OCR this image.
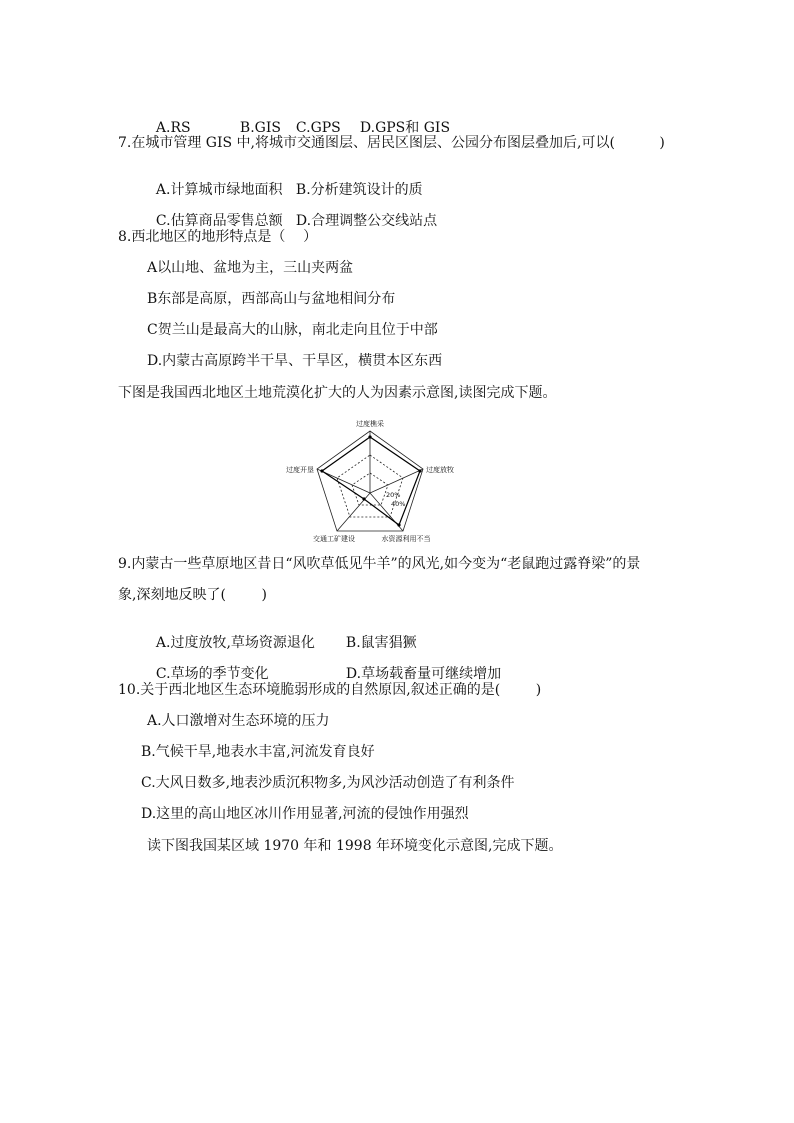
A.RS	B.GIS C.GPS D.GPS和 GIS

7.在城市管理 GIS 中,将城市交通图层、居民区图层、公园分布图层叠加后,可以(          )

A.计算城市绿地面积 B.分析建筑设计的质

C.估算商品零售总额 D.合理调整公交线站点

8.西北地区的地形特点是（    ）
A以山地、盆地为主，三山夹两盆
B东部是高原，西部高山与盆地相间分布
C贺兰山是最高大的山脉，南北走向且位于中部
D.内蒙古高原跨半干旱、干旱区，横贯本区东西
下图是我国西北地区土地荒漠化扩大的人为因素示意图,读图完成下题。
过度樵采
过度放牧
水资源利用不当
交通工矿建设
过度开垦
20%
40%
9.内蒙古一些草原地区昔日“风吹草低见牛羊”的风光,如今变为“老鼠跑过露脊梁”的景
象,深刻地反映了(        )

A.过度放牧,草场资源退化 B.鼠害猖獗

C.草场的季节变化	D.草场载畜量可继续增加

10.关于西北地区生态环境脆弱形成的自然原因,叙述正确的是(        )
A.人口激增对生态环境的压力
B.气候干旱,地表水丰富,河流发育良好
C.大风日数多,地表沙质沉积物多,为风沙活动创造了有利条件
D.这里的高山地区冰川作用显著,河流的侵蚀作用强烈
读下图我国某区域 1970 年和 1998 年环境变化示意图,完成下题。
